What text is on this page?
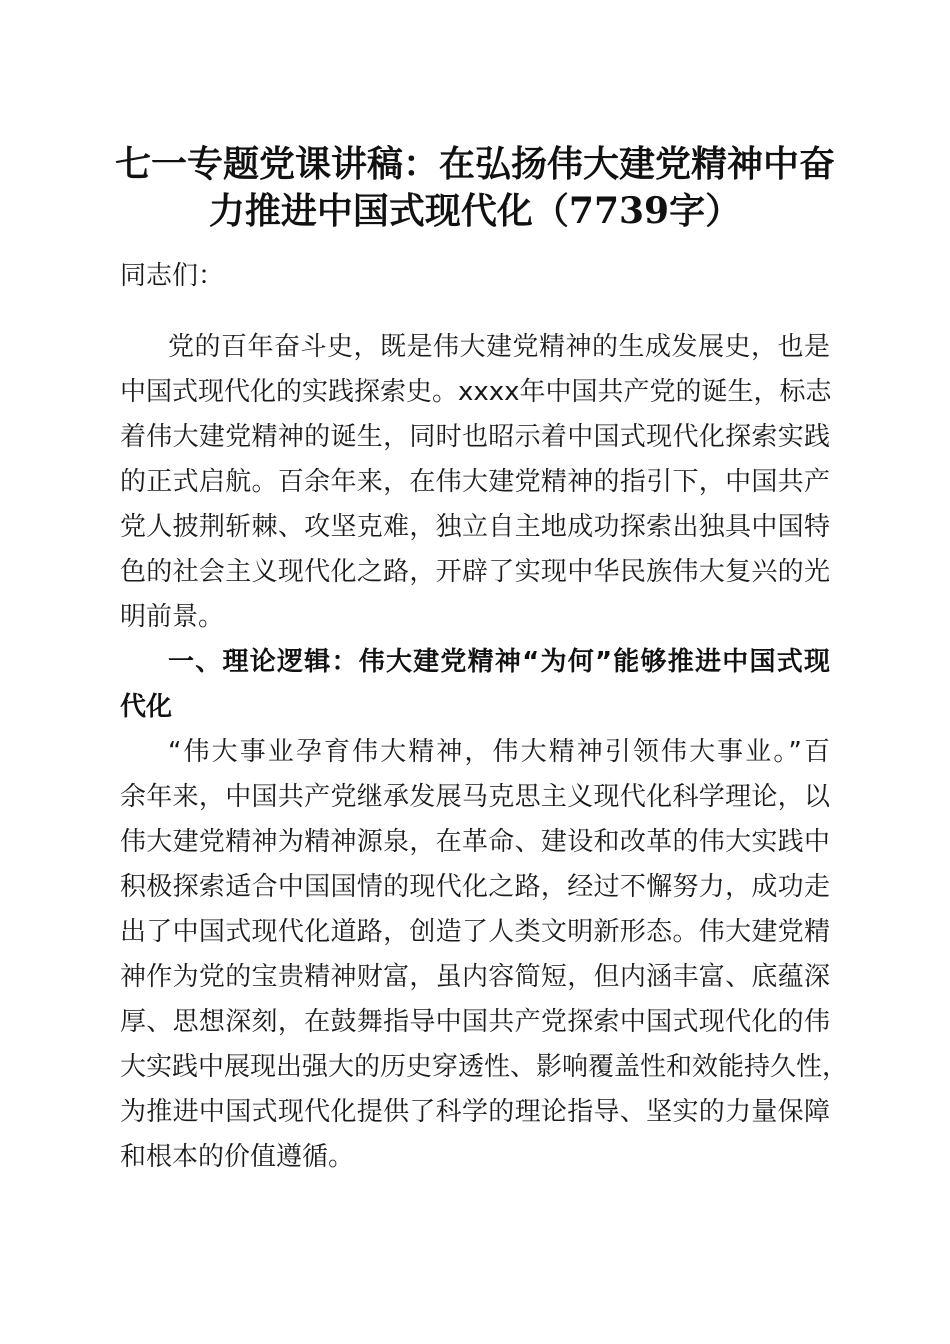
七一专题党课讲稿：在弘扬伟大建党精神中奋
力推进中国式现代化（7739字）
同志们：
党的百年奋斗史，既是伟大建党精神的生成发展史，也是
中国式现代化的实践探索史。xxxx年中国共产党的诞生，标志
着伟大建党精神的诞生，同时也昭示着中国式现代化探索实践
的正式启航。百余年来，在伟大建党精神的指引下，中国共产
党人披荆斩棘、攻坚克难，独立自主地成功探索出独具中国特
色的社会主义现代化之路，开辟了实现中华民族伟大复兴的光
明前景。
一、理论逻辑：伟大建党精神“为何”能够推进中国式现
代化
“伟大事业孕育伟大精神，伟大精神引领伟大事业。”百
余年来，中国共产党继承发展马克思主义现代化科学理论，以
伟大建党精神为精神源泉，在革命、建设和改革的伟大实践中
积极探索适合中国国情的现代化之路，经过不懈努力，成功走
出了中国式现代化道路，创造了人类文明新形态。伟大建党精
神作为党的宝贵精神财富，虽内容简短，但内涵丰富、底蕴深
厚、思想深刻，在鼓舞指导中国共产党探索中国式现代化的伟
大实践中展现出强大的历史穿透性、影响覆盖性和效能持久性，
为推进中国式现代化提供了科学的理论指导、坚实的力量保障
和根本的价值遵循。
